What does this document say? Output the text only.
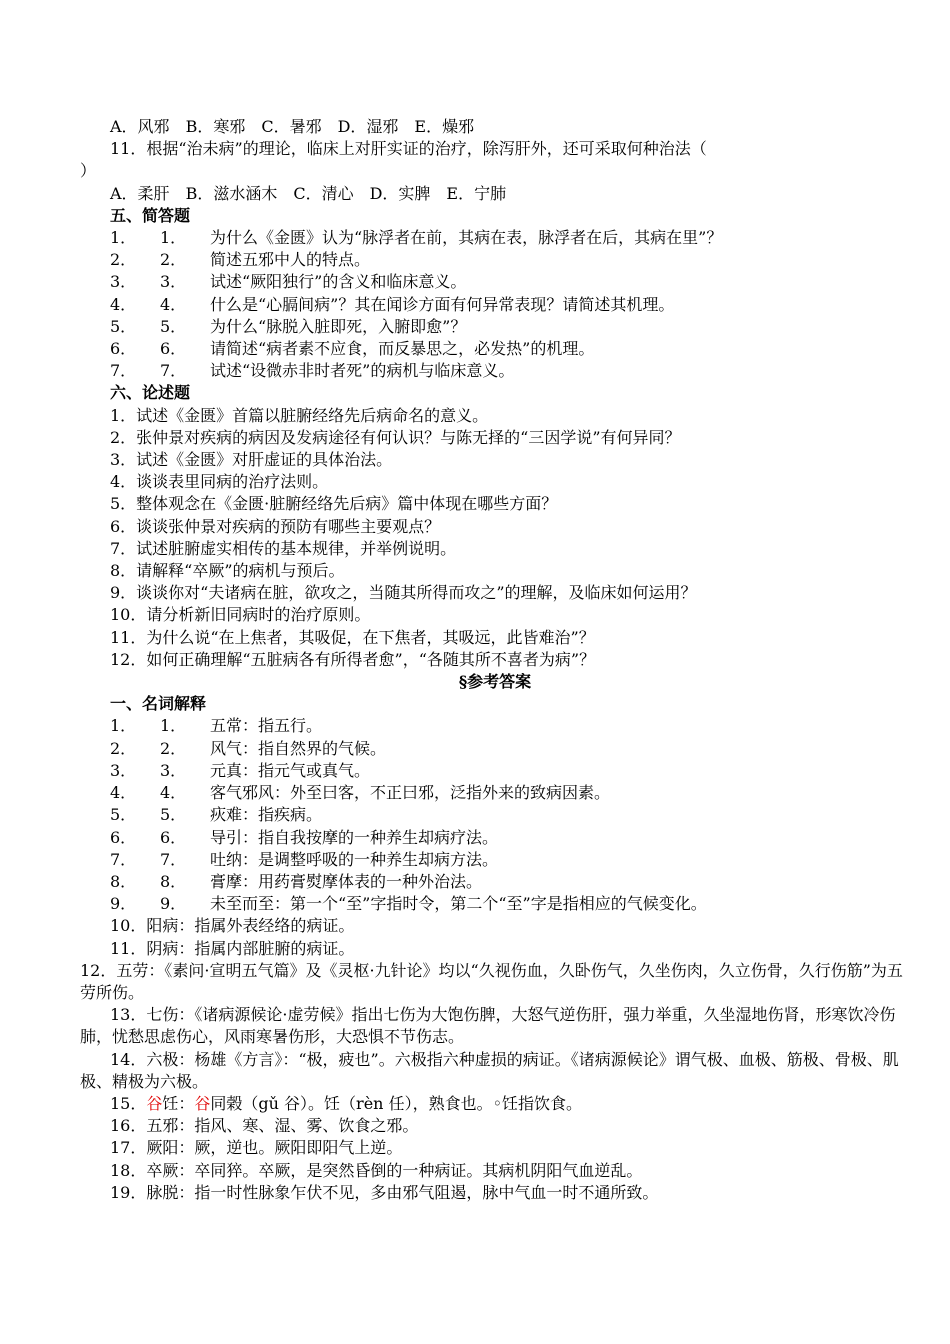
A．风邪 B．寒邪 C．暑邪 D．湿邪 E．燥邪
11．根据“治未病”的理论，临床上对肝实证的治疗，除泻肝外，还可采取何种治法（
）
A．柔肝 B．滋水涵木 C．清心 D．实脾 E．宁肺
五、简答题
1． 1． 为什么《金匮》认为“脉浮者在前，其病在表，脉浮者在后，其病在里”？
2． 2． 简述五邪中人的特点。
3． 3． 试述“厥阳独行”的含义和临床意义。
4． 4． 什么是“心膈间病”？其在闻诊方面有何异常表现？请简述其机理。
5． 5． 为什么“脉脱入脏即死，入腑即愈”？
6． 6． 请简述“病者素不应食，而反暴思之，必发热”的机理。
7． 7． 试述“设微赤非时者死”的病机与临床意义。
六、论述题
1．试述《金匮》首篇以脏腑经络先后病命名的意义。
2．张仲景对疾病的病因及发病途径有何认识？与陈无择的“三因学说”有何异同？
3．试述《金匮》对肝虚证的具体治法。
4．谈谈表里同病的治疗法则。
5．整体观念在《金匮·脏腑经络先后病》篇中体现在哪些方面？
6．谈谈张仲景对疾病的预防有哪些主要观点？
7．试述脏腑虚实相传的基本规律，并举例说明。
8．请解释“卒厥”的病机与预后。
9．谈谈你对“夫诸病在脏，欲攻之，当随其所得而攻之”的理解，及临床如何运用？
10．请分析新旧同病时的治疗原则。
11．为什么说“在上焦者，其吸促，在下焦者，其吸远，此皆难治”？
12．如何正确理解“五脏病各有所得者愈”，“各随其所不喜者为病”？
§参考答案
一、名词解释
1． 1． 五常：指五行。
2． 2． 风气：指自然界的气候。
3． 3． 元真：指元气或真气。
4． 4． 客气邪风：外至曰客，不正曰邪，泛指外来的致病因素。
5． 5． 疢难：指疾病。
6． 6． 导引：指自我按摩的一种养生却病疗法。
7． 7． 吐纳：是调整呼吸的一种养生却病方法。
8． 8． 膏摩：用药膏熨摩体表的一种外治法。
9． 9． 未至而至：第一个“至”字指时令，第二个“至”字是指相应的气候变化。
10．阳病：指属外表经络的病证。
11．阴病：指属内部脏腑的病证。
12．五劳：《素问·宣明五气篇》及《灵枢·九针论》均以“久视伤血，久卧伤气，久坐伤肉，久立伤骨，久行伤筋”为五劳所伤。
13．七伤：《诸病源候论·虚劳候》指出七伤为大饱伤脾，大怒气逆伤肝，强力举重，久坐湿地伤肾，形寒饮冷伤肺，忧愁思虑伤心，风雨寒暑伤形，大恐惧不节伤志。
14．六极：杨雄《方言》：“极，疲也”。六极指六种虚损的病证。《诸病源候论》谓气极、血极、筋极、骨极、肌极、精极为六极。
15．谷饪：谷同榖（gǔ 谷）。饪（rèn 任），熟食也。◦饪指饮食。
16．五邪：指风、寒、湿、雾、饮食之邪。
17．厥阳：厥，逆也。厥阳即阳气上逆。
18．卒厥：卒同猝。卒厥，是突然昏倒的一种病证。其病机阴阳气血逆乱。
19．脉脱：指一时性脉象乍伏不见，多由邪气阻遏，脉中气血一时不通所致。
